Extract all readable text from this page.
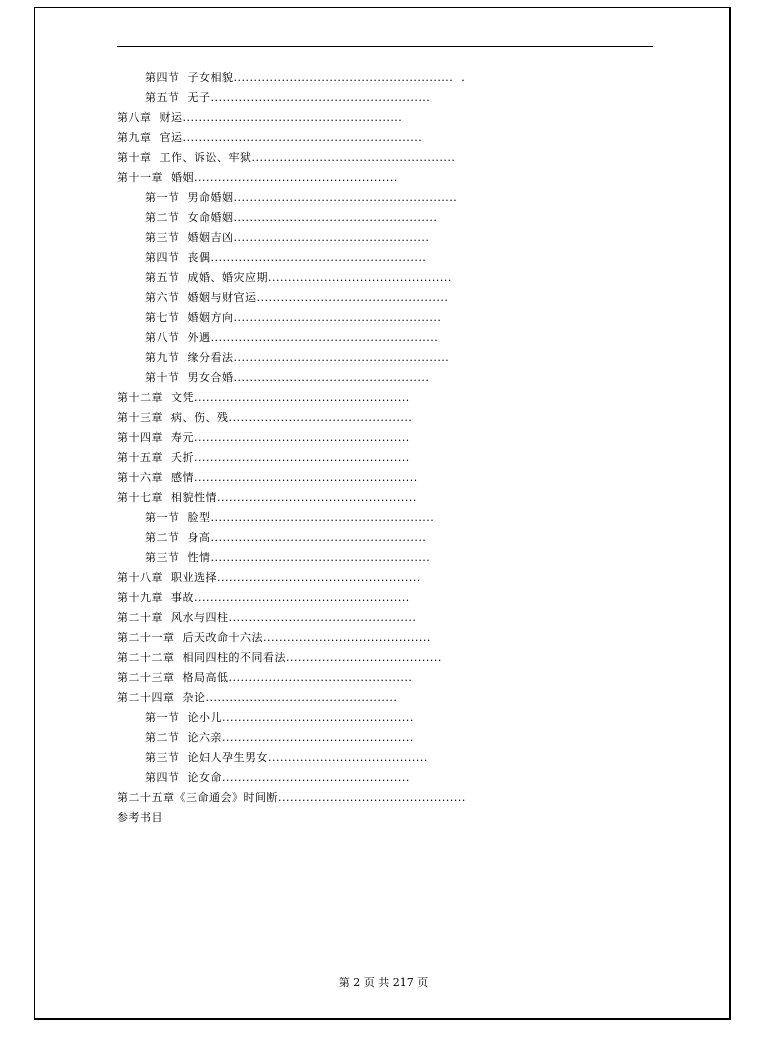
第四节  子女相貌.......................................................  .
第五节  无子.......................................................
第八章  财运.......................................................
第九章  官运............................................................
第十章  工作、诉讼、牢狱...................................................
第十一章  婚姻...................................................
第一节  男命婚姻........................................................
第二节  女命婚姻...................................................
第三节  婚姻吉凶.................................................
第四节  丧偶......................................................
第五节  成婚、婚灾应期..............................................
第六节  婚姻与财官运................................................
第七节  婚姻方向....................................................
第八节  外遇.........................................................
第九节  缘分看法......................................................
第十节  男女合婚.................................................
第十二章  文凭......................................................
第十三章  病、伤、残..............................................
第十四章  寿元......................................................
第十五章  夭折......................................................
第十六章  感情........................................................
第十七章  相貌性情..................................................
第一节  脸型........................................................
第二节  身高......................................................
第三节  性情.......................................................
第十八章  职业选择...................................................
第十九章  事故......................................................
第二十章  风水与四柱...............................................
第二十一章  后天改命十六法..........................................
第二十二章  相同四柱的不同看法.......................................
第二十三章  格局高低..............................................
第二十四章  杂论................................................
第一节  论小儿................................................
第二节  论六亲................................................
第三节  论妇人孕生男女........................................
第四节  论女命...............................................
第二十五章《三命通会》时间断...............................................
参考书目
第 2 页 共 217 页
